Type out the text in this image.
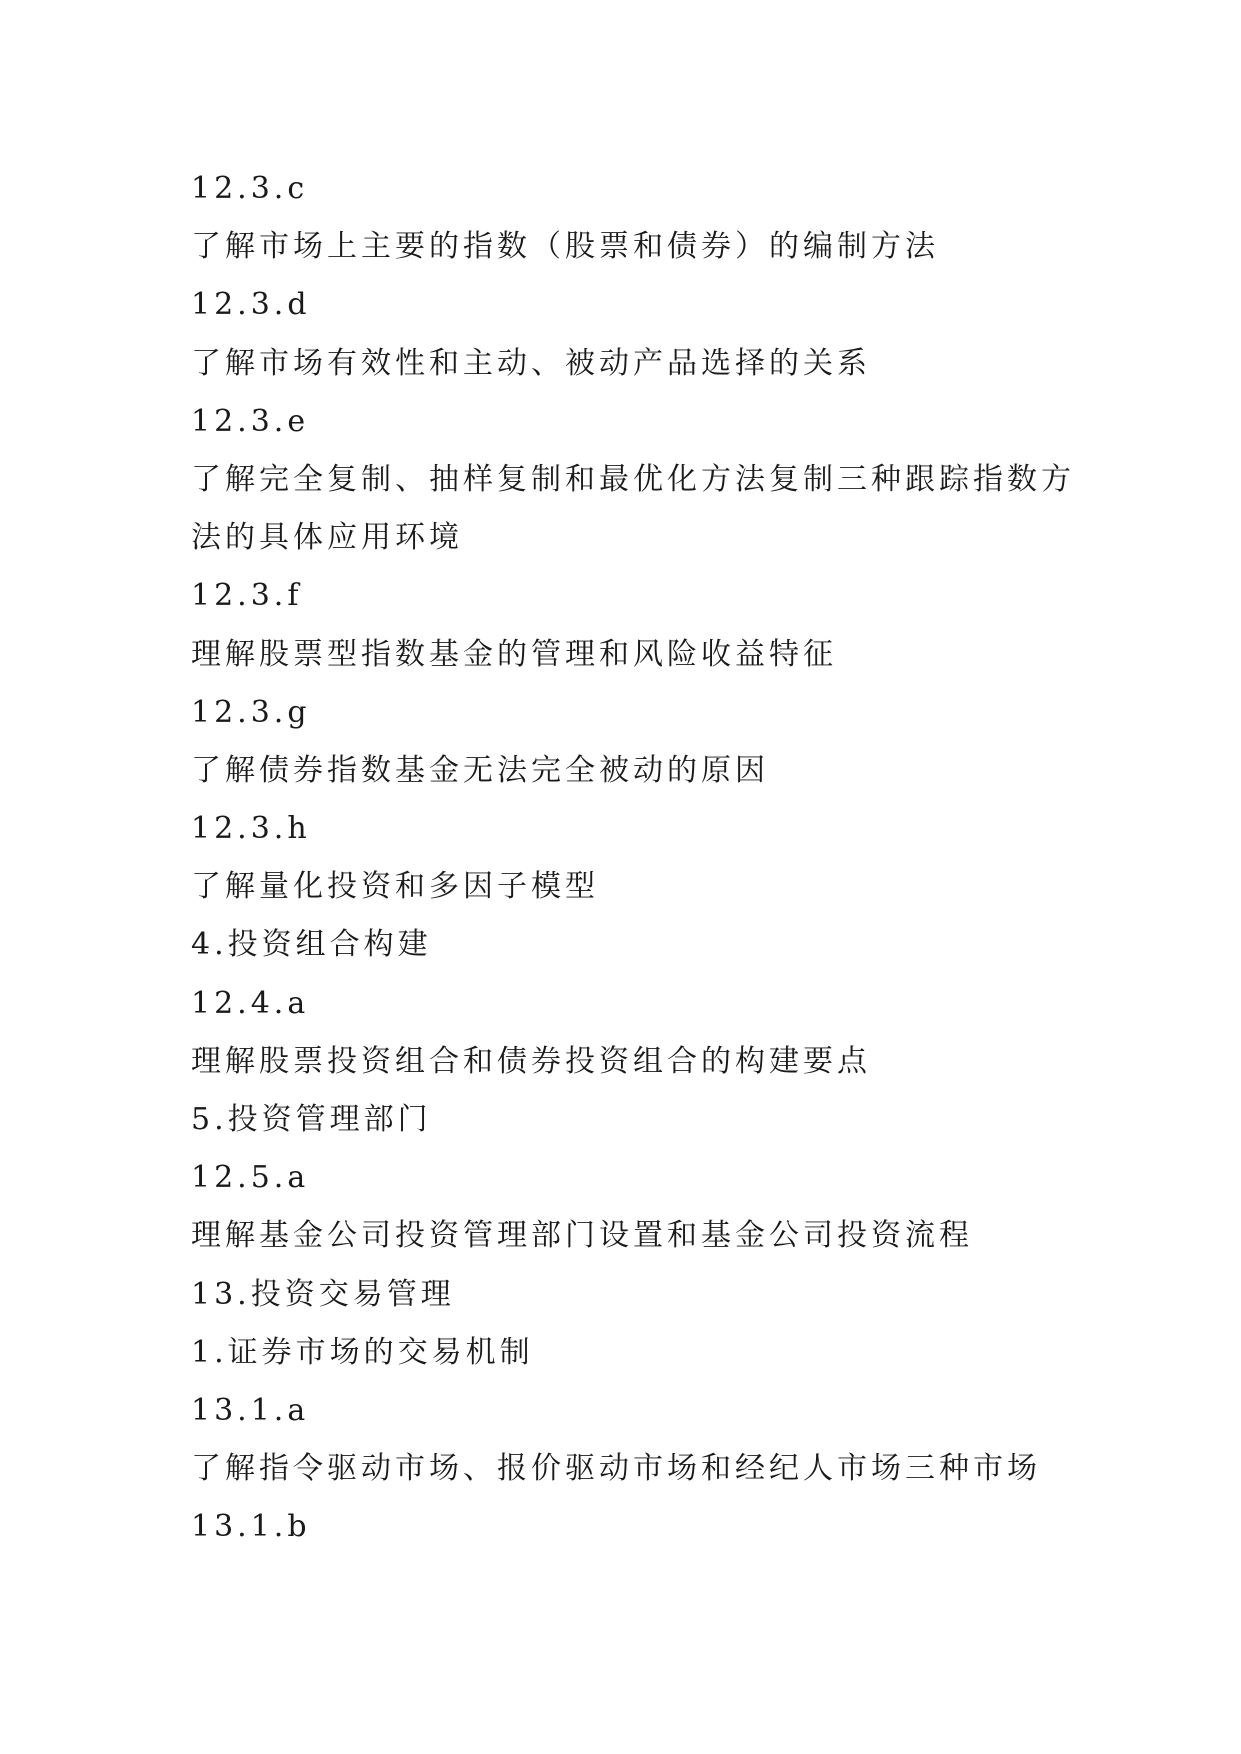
12.3.c

了解市场上主要的指数（股票和债券）的编制方法

12.3.d

了解市场有效性和主动、被动产品选择的关系

12.3.e

了解完全复制、抽样复制和最优化方法复制三种跟踪指数方

法的具体应用环境

12.3.f

理解股票型指数基金的管理和风险收益特征

12.3.g

了解债券指数基金无法完全被动的原因

12.3.h

了解量化投资和多因子模型

4.投资组合构建

12.4.a

理解股票投资组合和债券投资组合的构建要点

5.投资管理部门

12.5.a

理解基金公司投资管理部门设置和基金公司投资流程

13.投资交易管理

1.证券市场的交易机制

13.1.a

了解指令驱动市场、报价驱动市场和经纪人市场三种市场

13.1.b
